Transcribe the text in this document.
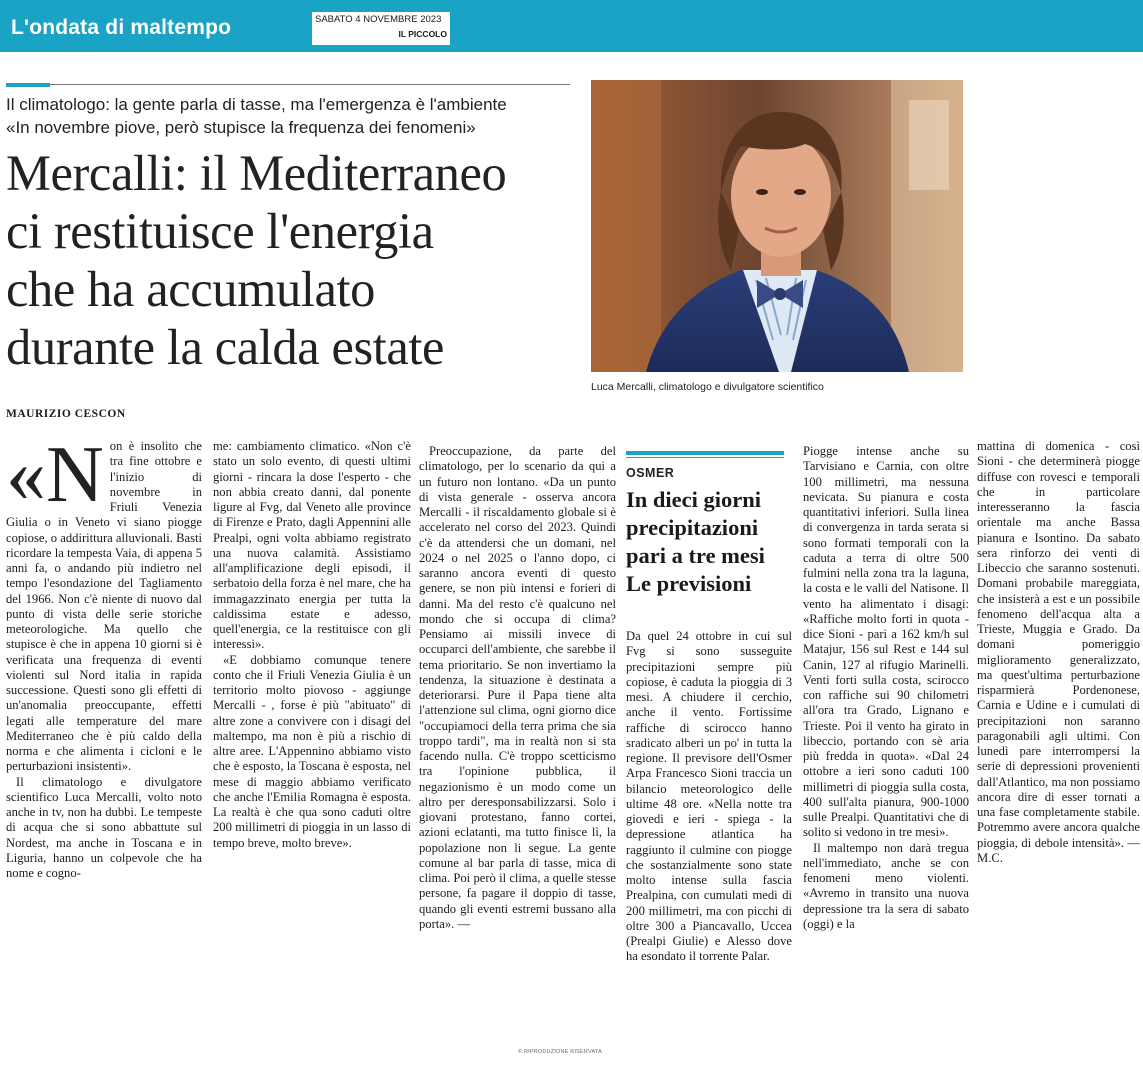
L'ondata di maltempo	SABATO 4 NOVEMBRE 2023
IL PICCOLO
Il climatologo: la gente parla di tasse, ma l'emergenza è l'ambiente
«In novembre piove, però stupisce la frequenza dei fenomeni»
Mercalli: il Mediterraneo
ci restituisce l'energia
che ha accumulato
durante la calda estate
Luca Mercalli, climatologo e divulgatore scientifico
MAURIZIO CESCON
«N on è insolito che tra fine ottobre e l'inizio di novembre in Friuli Venezia Giulia o in Veneto vi siano piogge copiose, o addirittura alluvionali. Basti ricordare la tempesta Vaia, di appena 5 anni fa, o andando più indietro nel tempo l'esondazione del Tagliamento del 1966. Non c'è niente di nuovo dal punto di vista delle serie storiche meteorologiche. Ma quello che stupisce è che in appena 10 giorni si è verificata una frequenza di eventi violenti sul Nord italia in rapida successione. Questi sono gli effetti di un'anomalia preoccupante, effetti legati alle temperature del mare Mediterraneo che è più caldo della norma e che alimenta i cicloni e le perturbazioni insistenti».

Il climatologo e divulgatore scientifico Luca Mercalli, volto noto anche in tv, non ha dubbi. Le tempeste di acqua che si sono abbattute sul Nordest, ma anche in Toscana e in Liguria, hanno un colpevole che ha nome e cogno-

me: cambiamento climatico. «Non c'è stato un solo evento, di questi ultimi giorni - rincara la dose l'esperto - che non abbia creato danni, dal ponente ligure al Fvg, dal Veneto alle province di Firenze e Prato, dagli Appennini alle Prealpi, ogni volta abbiamo registrato una nuova calamità. Assistiamo all'amplificazione degli episodi, il serbatoio della forza è nel mare, che ha immagazzinato energia per tutta la caldissima estate e adesso, quell'energia, ce la restituisce con gli interessi».

«E dobbiamo comunque tenere conto che il Friuli Venezia Giulia è un territorio molto piovoso - aggiunge Mercalli - , forse è più "abituato" di altre zone a convivere con i disagi del maltempo, ma non è più a rischio di altre aree. L'Appennino abbiamo visto che è esposto, la Toscana è esposta, nel mese di maggio abbiamo verificato che anche l'Emilia Romagna è esposta. La realtà è che qua sono caduti oltre 200 millimetri di pioggia in un lasso di tempo breve, molto breve».

Preoccupazione, da parte del climatologo, per lo scenario da qui a un futuro non lontano. «Da un punto di vista generale - osserva ancora Mercalli - il riscaldamento globale si è accelerato nel corso del 2023. Quindi c'è da attendersi che un domani, nel 2024 o nel 2025 o l'anno dopo, ci saranno ancora eventi di questo genere, se non più intensi e forieri di danni. Ma del resto c'è qualcuno nel mondo che si occupa di clima? Pensiamo ai missili invece di occuparci dell'ambiente, che sarebbe il tema prioritario. Se non invertiamo la tendenza, la situazione è destinata a deteriorarsi. Pure il Papa tiene alta l'attenzione sul clima, ogni giorno dice "occupiamoci della terra prima che sia troppo tardi", ma in realtà non si sta facendo nulla. C'è troppo scetticismo tra l'opinione pubblica, il negazionismo è un modo come un altro per deresponsabilizzarsi. Solo i giovani protestano, fanno cortei, azioni eclatanti, ma tutto finisce lì, la popolazione non li segue. La gente comune al bar parla di tasse, mica di clima. Poi però il clima, a quelle stesse persone, fa pagare il doppio di tasse, quando gli eventi estremi bussano alla porta». —

© RIPRODUZIONE RISERVATA
OSMER
In dieci giorni
precipitazioni
pari a tre mesi
Le previsioni

Da quel 24 ottobre in cui sul Fvg si sono susseguite precipitazioni sempre più copiose, è caduta la pioggia di 3 mesi. A chiudere il cerchio, anche il vento. Fortissime raffiche di scirocco hanno sradicato alberi un po' in tutta la regione. Il previsore dell'Osmer Arpa Francesco Sioni traccia un bilancio meteorologico delle ultime 48 ore. «Nella notte tra giovedì e ieri - spiega - la depressione atlantica ha raggiunto il culmine con piogge che sostanzialmente sono state molto intense sulla fascia Prealpina, con cumulati medi di 200 millimetri, ma con picchi di oltre 300 a Piancavallo, Uccea (Prealpi Giulie) e Alesso dove ha esondato il torrente Palar.

Piogge intense anche su Tarvisiano e Carnia, con oltre 100 millimetri, ma nessuna nevicata. Su pianura e costa quantitativi inferiori. Sulla linea di convergenza in tarda serata si sono formati temporali con la caduta a terra di oltre 500 fulmini nella zona tra la laguna, la costa e le valli del Natisone. Il vento ha alimentato i disagi: «Raffiche molto forti in quota - dice Sioni - pari a 162 km/h sul Matajur, 156 sul Rest e 144 sul Canin, 127 al rifugio Marinelli. Venti forti sulla costa, scirocco con raffiche sui 90 chilometri all'ora tra Grado, Lignano e Trieste. Poi il vento ha girato in libeccio, portando con sè aria più fredda in quota». «Dal 24 ottobre a ieri sono caduti 100 millimetri di pioggia sulla costa, 400 sull'alta pianura, 900-1000 sulle Prealpi. Quantitativi che di solito si vedono in tre mesi».

Il maltempo non darà tregua nell'immediato, anche se con fenomeni meno violenti. «Avremo in transito una nuova depressione tra la sera di sabato (oggi) e la

mattina di domenica - così Sioni - che determinerà piogge diffuse con rovesci e temporali che in particolare interesseranno la fascia orientale ma anche Bassa pianura e Isontino. Da sabato sera rinforzo dei venti di Libeccio che saranno sostenuti. Domani probabile mareggiata, che insisterà a est e un possibile fenomeno dell'acqua alta a Trieste, Muggia e Grado. Da domani pomeriggio miglioramento generalizzato, ma quest'ultima perturbazione risparmierà Pordenonese, Carnia e Udine e i cumulati di precipitazioni non saranno paragonabili agli ultimi. Con lunedì pare interrompersi la serie di depressioni provenienti dall'Atlantico, ma non possiamo ancora dire di esser tornati a una fase completamente stabile. Potremmo avere ancora qualche pioggia, di debole intensità». — M.C.
